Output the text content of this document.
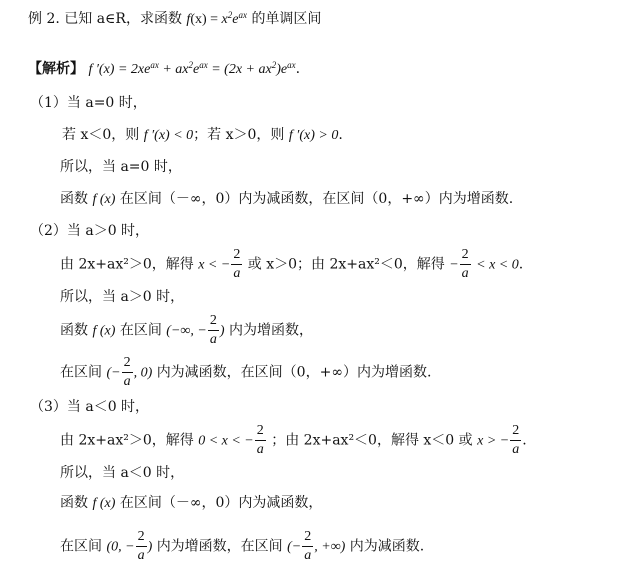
例 2. 已知 a∈R，求函数 $f(x) = x^2e^{ax}$ 的单调区间
【解析】 f $'(x) = 2xe^{ax} + ax^2e^{ax} = (2x + ax^2)e^{ax}$.
（1）当 a=0 时，
若 x＜0，则 f ′(x) < 0；若 x＞0，则 f ′(x) > 0.
所以，当 a=0 时，
函数 f (x) 在区间（－∞，0）内为减函数，在区间（0，+∞）内为增函数.
（2）当 a＞0 时，
由 2x+ax²＞0，解得 x < − $\frac{2}{a}$ 或 x＞0；由 2x+ax²＜0，解得 − $\frac{2}{a} < x < 0$.
所以，当 a＞0 时，
函数 f (x) 在区间 (−∞, − $\frac{2}{a}$ ) 内为增函数，
在区间 (− $\frac{2}{a}$ , 0) 内为减函数，在区间（0，+∞）内为增函数.
（3）当 a＜0 时，
由 2x+ax²＞0，解得 0 < x < − $\frac{2}{a}$ ；由 2x+ax²＜0，解得 x＜0 或 x > − $\frac{2}{a}$ .
所以，当 a＜0 时，
函数 f (x) 在区间（－∞，0）内为减函数，
在区间 (0, − $\frac{2}{a}$ ) 内为增函数，在区间 (− $\frac{2}{a}$ , +∞) 内为减函数.
